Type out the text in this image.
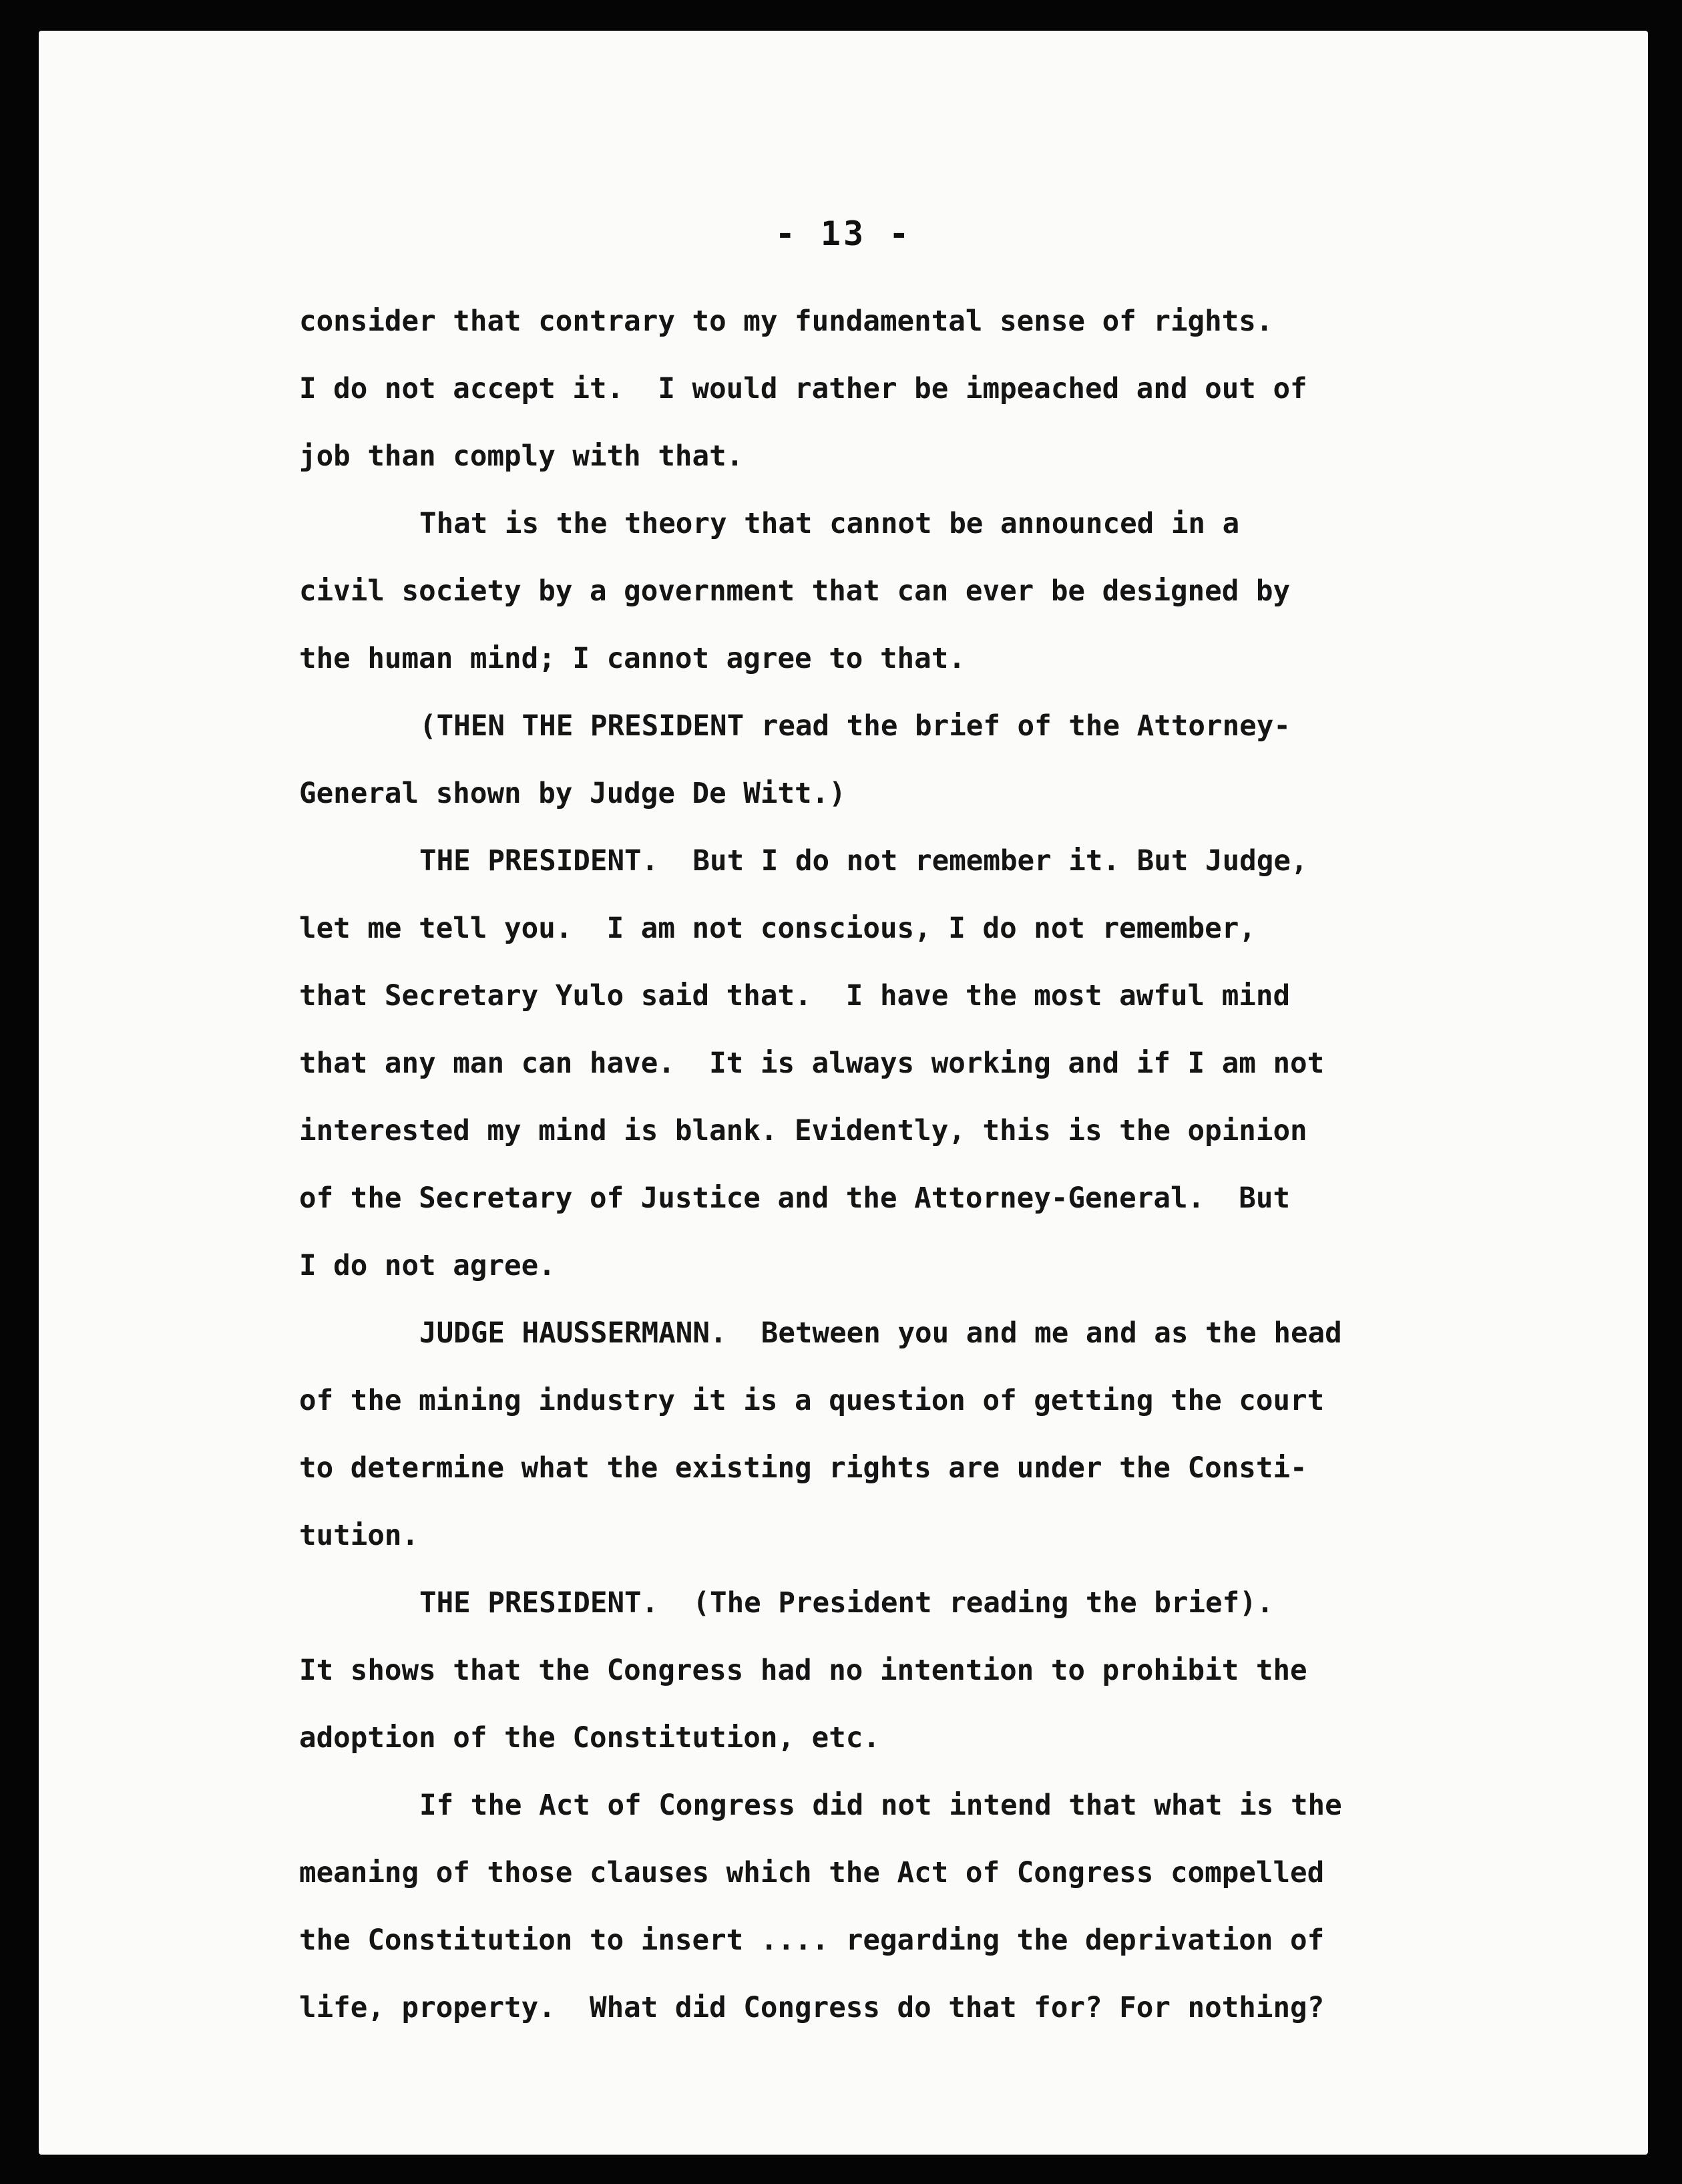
- 13 -
consider that contrary to my fundamental sense of rights.
I do not accept it.  I would rather be impeached and out of
job than comply with that.
That is the theory that cannot be announced in a
civil society by a government that can ever be designed by
the human mind; I cannot agree to that.
(THEN THE PRESIDENT read the brief of the Attorney-
General shown by Judge De Witt.)
THE PRESIDENT.  But I do not remember it. But Judge,
let me tell you.  I am not conscious, I do not remember,
that Secretary Yulo said that.  I have the most awful mind
that any man can have.  It is always working and if I am not
interested my mind is blank. Evidently, this is the opinion
of the Secretary of Justice and the Attorney-General.  But
I do not agree.
JUDGE HAUSSERMANN.  Between you and me and as the head
of the mining industry it is a question of getting the court
to determine what the existing rights are under the Consti-
tution.
THE PRESIDENT.  (The President reading the brief).
It shows that the Congress had no intention to prohibit the
adoption of the Constitution, etc.
If the Act of Congress did not intend that what is the
meaning of those clauses which the Act of Congress compelled
the Constitution to insert .... regarding the deprivation of
life, property.  What did Congress do that for? For nothing?
